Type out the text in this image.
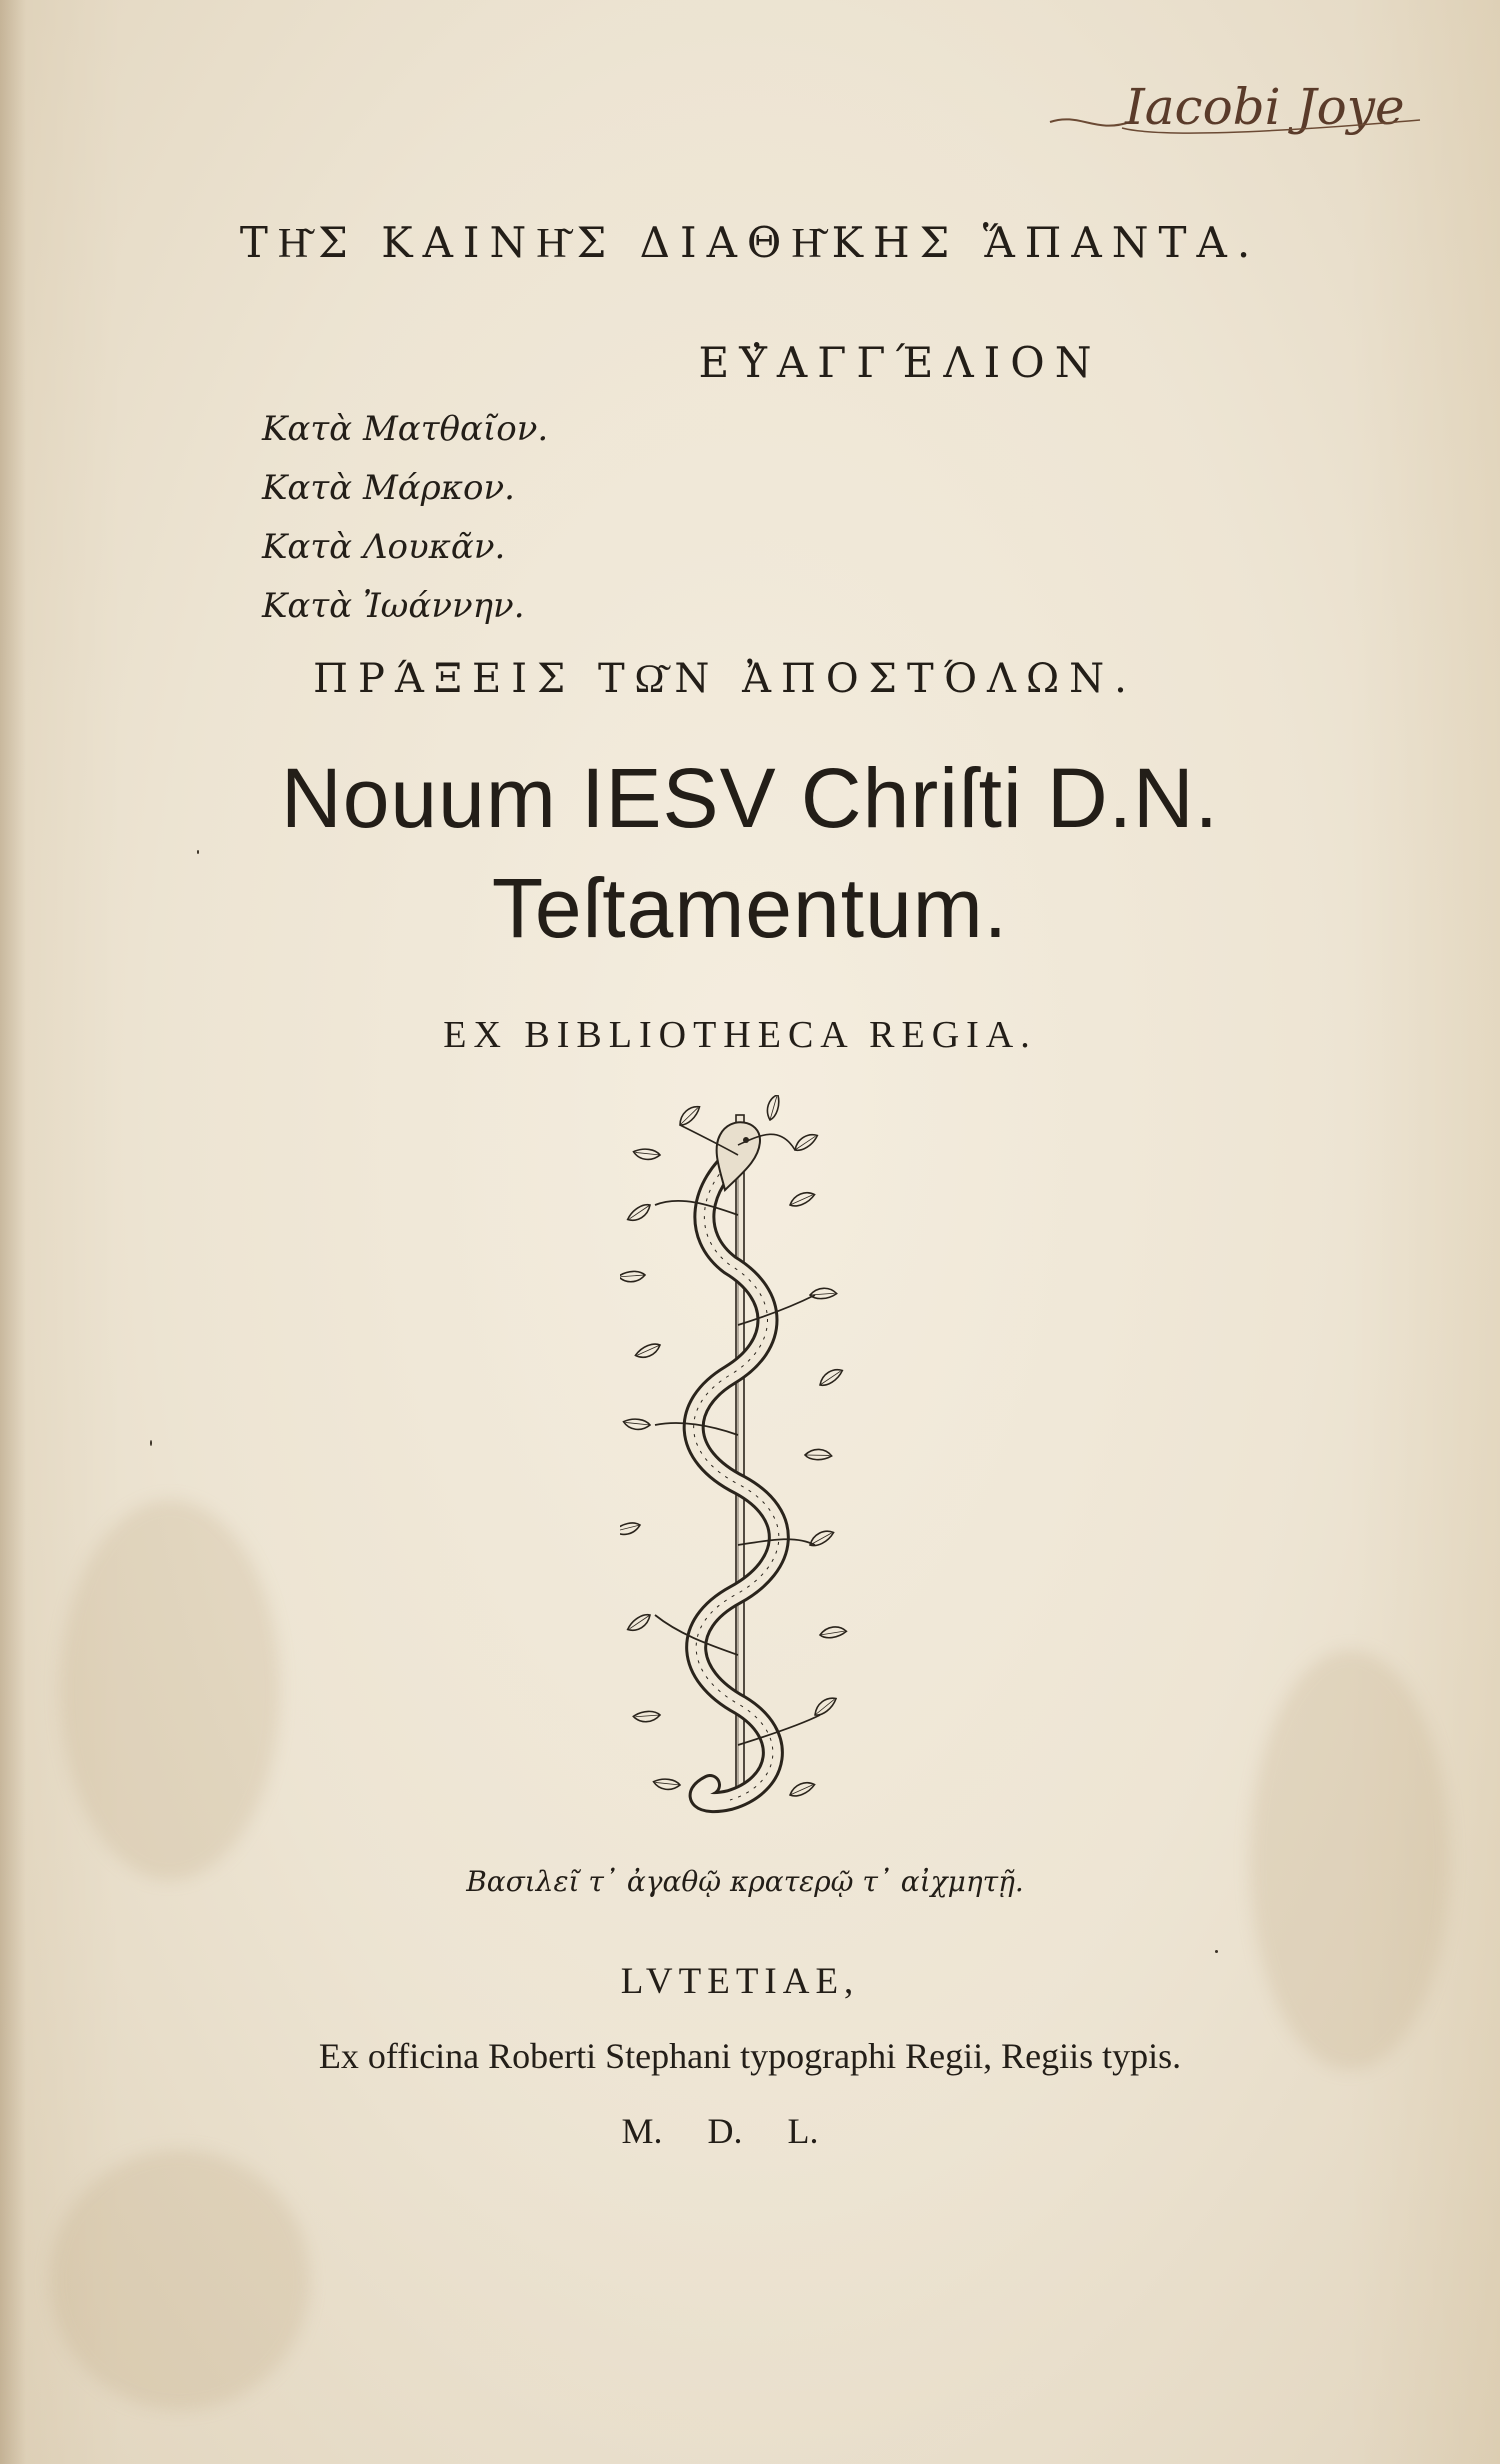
Iacobi Joye
ΤΗ͂Σ ΚΑΙΝΗ͂Σ ΔΙΑΘΗ͂ΚΗΣ ἍΠΑΝΤΑ.
ΕΥ̓ΑΓΓΈΛΙΟΝ
Κατὰ Ματθαῖον.
Κατὰ Μάρκον.
Κατὰ Λουκᾶν.
Κατὰ Ἰωάννην.
ΠΡΆΞΕΙΣ ΤΩ͂Ν ἈΠΟΣΤΌΛΩΝ.
Nouum IESV Chriſti D.N.
Teſtamentum.
EX BIBLIOTHECA REGIA.
Βασιλεῖ τ᾽ ἀγαθῷ κρατερῷ τ᾽ αἰχμητῇ.
LVTETIAE,
Ex officina Roberti Stephani typographi Regii, Regiis typis.
M. D. L.
